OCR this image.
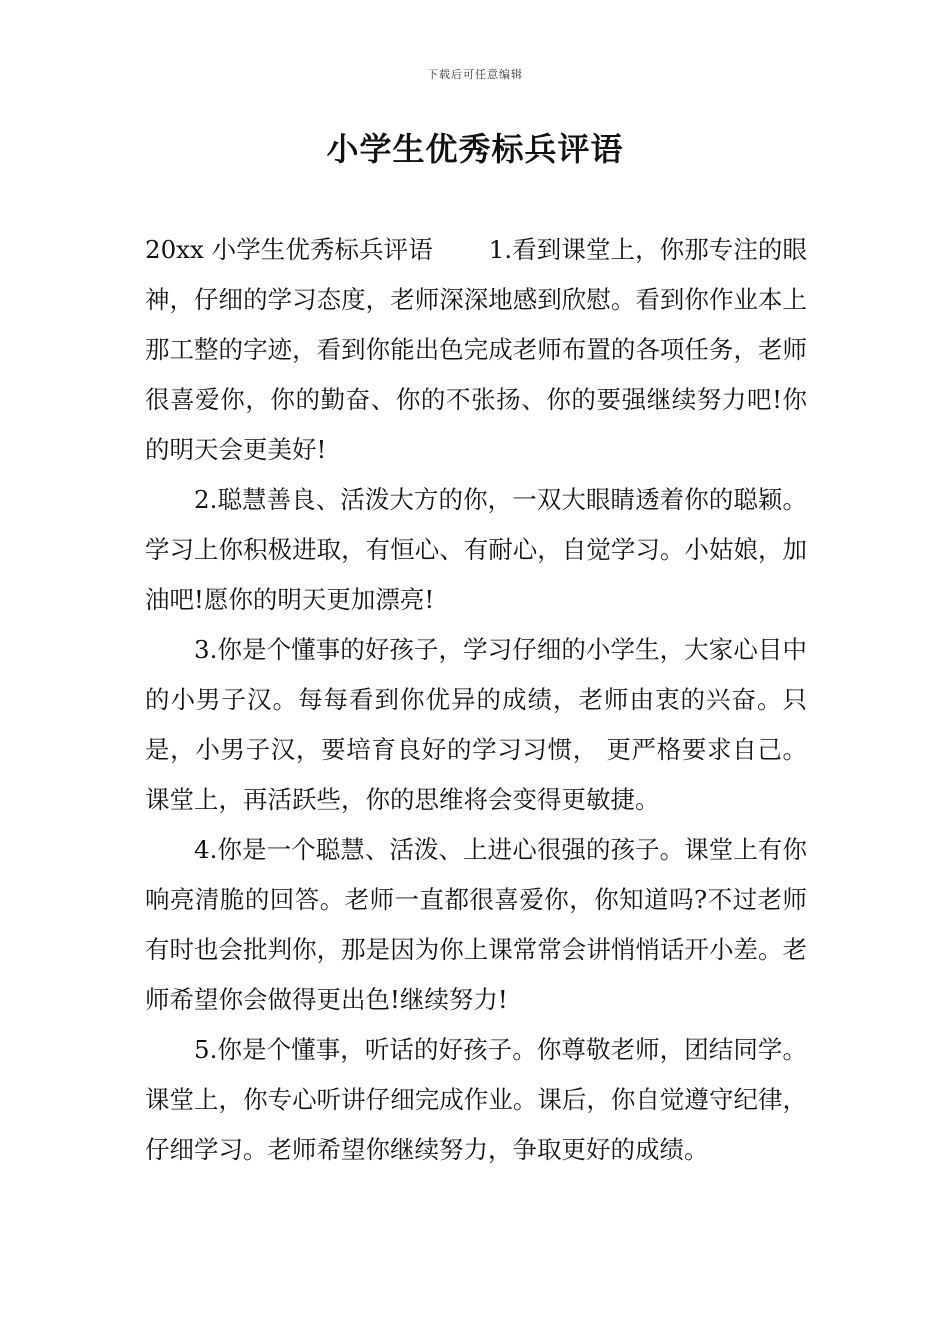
下载后可任意编辑
小学生优秀标兵评语

20xx 小学生优秀标兵评语 1.看到课堂上，你那专注的眼神，仔细的学习态度，老师深深地感到欣慰。看到你作业本上那工整的字迹，看到你能出色完成老师布置的各项任务，老师很喜爱你，你的勤奋、你的不张扬、你的要强继续努力吧!你的明天会更美好!

2.聪慧善良、活泼大方的你，一双大眼睛透着你的聪颖。学习上你积极进取，有恒心、有耐心，自觉学习。小姑娘，加油吧!愿你的明天更加漂亮!

3.你是个懂事的好孩子，学习仔细的小学生，大家心目中的小男子汉。每每看到你优异的成绩，老师由衷的兴奋。只是，小男子汉，要培育良好的学习习惯， 更严格要求自己。课堂上，再活跃些，你的思维将会变得更敏捷。

4.你是一个聪慧、活泼、上进心很强的孩子。课堂上有你响亮清脆的回答。老师一直都很喜爱你，你知道吗?不过老师有时也会批判你，那是因为你上课常常会讲悄悄话开小差。老师希望你会做得更出色!继续努力!

5.你是个懂事，听话的好孩子。你尊敬老师，团结同学。课堂上，你专心听讲仔细完成作业。课后，你自觉遵守纪律，仔细学习。老师希望你继续努力，争取更好的成绩。
